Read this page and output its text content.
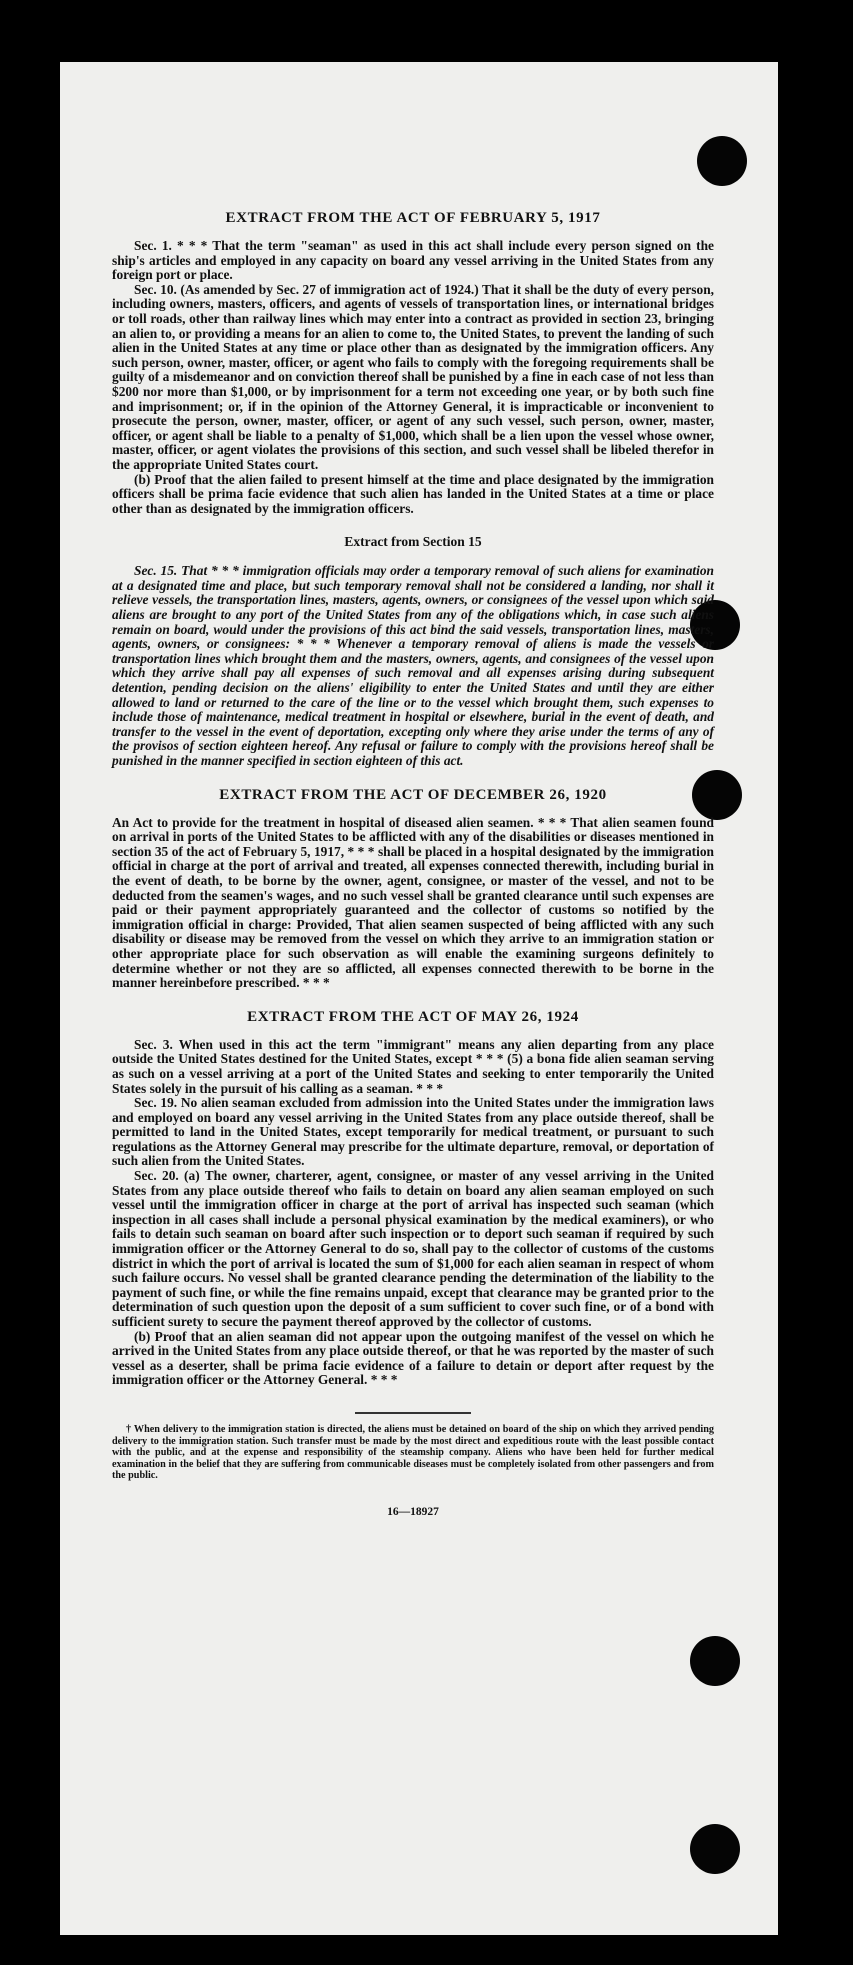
EXTRACT FROM THE ACT OF FEBRUARY 5, 1917

Sec. 1. * * * That the term "seaman" as used in this act shall include every person signed on the ship's articles and employed in any capacity on board any vessel arriving in the United States from any foreign port or place.

Sec. 10. (As amended by Sec. 27 of immigration act of 1924.) That it shall be the duty of every person, including owners, masters, officers, and agents of vessels of transportation lines, or international bridges or toll roads, other than railway lines which may enter into a contract as provided in section 23, bringing an alien to, or providing a means for an alien to come to, the United States, to prevent the landing of such alien in the United States at any time or place other than as designated by the immigration officers. Any such person, owner, master, officer, or agent who fails to comply with the foregoing requirements shall be guilty of a misdemeanor and on conviction thereof shall be punished by a fine in each case of not less than $200 nor more than $1,000, or by imprisonment for a term not exceeding one year, or by both such fine and imprisonment; or, if in the opinion of the Attorney General, it is impracticable or inconvenient to prosecute the person, owner, master, officer, or agent of any such vessel, such person, owner, master, officer, or agent shall be liable to a penalty of $1,000, which shall be a lien upon the vessel whose owner, master, officer, or agent violates the provisions of this section, and such vessel shall be libeled therefor in the appropriate United States court.

(b) Proof that the alien failed to present himself at the time and place designated by the immigration officers shall be prima facie evidence that such alien has landed in the United States at a time or place other than as designated by the immigration officers.

Extract from Section 15

Sec. 15. That * * * immigration officials may order a temporary removal of such aliens for examination at a designated time and place, but such temporary removal shall not be considered a landing, nor shall it relieve vessels, the transportation lines, masters, agents, owners, or consignees of the vessel upon which said aliens are brought to any port of the United States from any of the obligations which, in case such aliens remain on board, would under the provisions of this act bind the said vessels, transportation lines, masters, agents, owners, or consignees: * * * Whenever a temporary removal of aliens is made the vessels or transportation lines which brought them and the masters, owners, agents, and consignees of the vessel upon which they arrive shall pay all expenses of such removal and all expenses arising during subsequent detention, pending decision on the aliens' eligibility to enter the United States and until they are either allowed to land or returned to the care of the line or to the vessel which brought them, such expenses to include those of maintenance, medical treatment in hospital or elsewhere, burial in the event of death, and transfer to the vessel in the event of deportation, excepting only where they arise under the terms of any of the provisos of section eighteen hereof. Any refusal or failure to comply with the provisions hereof shall be punished in the manner specified in section eighteen of this act.

EXTRACT FROM THE ACT OF DECEMBER 26, 1920

An Act to provide for the treatment in hospital of diseased alien seamen. * * * That alien seamen found on arrival in ports of the United States to be afflicted with any of the disabilities or diseases mentioned in section 35 of the act of February 5, 1917, * * * shall be placed in a hospital designated by the immigration official in charge at the port of arrival and treated, all expenses connected therewith, including burial in the event of death, to be borne by the owner, agent, consignee, or master of the vessel, and not to be deducted from the seamen's wages, and no such vessel shall be granted clearance until such expenses are paid or their payment appropriately guaranteed and the collector of customs so notified by the immigration official in charge: Provided, That alien seamen suspected of being afflicted with any such disability or disease may be removed from the vessel on which they arrive to an immigration station or other appropriate place for such observation as will enable the examining surgeons definitely to determine whether or not they are so afflicted, all expenses connected therewith to be borne in the manner hereinbefore prescribed. * * *

EXTRACT FROM THE ACT OF MAY 26, 1924

Sec. 3. When used in this act the term "immigrant" means any alien departing from any place outside the United States destined for the United States, except * * * (5) a bona fide alien seaman serving as such on a vessel arriving at a port of the United States and seeking to enter temporarily the United States solely in the pursuit of his calling as a seaman. * * *

Sec. 19. No alien seaman excluded from admission into the United States under the immigration laws and employed on board any vessel arriving in the United States from any place outside thereof, shall be permitted to land in the United States, except temporarily for medical treatment, or pursuant to such regulations as the Attorney General may prescribe for the ultimate departure, removal, or deportation of such alien from the United States.

Sec. 20. (a) The owner, charterer, agent, consignee, or master of any vessel arriving in the United States from any place outside thereof who fails to detain on board any alien seaman employed on such vessel until the immigration officer in charge at the port of arrival has inspected such seaman (which inspection in all cases shall include a personal physical examination by the medical examiners), or who fails to detain such seaman on board after such inspection or to deport such seaman if required by such immigration officer or the Attorney General to do so, shall pay to the collector of customs of the customs district in which the port of arrival is located the sum of $1,000 for each alien seaman in respect of whom such failure occurs. No vessel shall be granted clearance pending the determination of the liability to the payment of such fine, or while the fine remains unpaid, except that clearance may be granted prior to the determination of such question upon the deposit of a sum sufficient to cover such fine, or of a bond with sufficient surety to secure the payment thereof approved by the collector of customs.

(b) Proof that an alien seaman did not appear upon the outgoing manifest of the vessel on which he arrived in the United States from any place outside thereof, or that he was reported by the master of such vessel as a deserter, shall be prima facie evidence of a failure to detain or deport after request by the immigration officer or the Attorney General. * * *

† When delivery to the immigration station is directed, the aliens must be detained on board of the ship on which they arrived pending delivery to the immigration station. Such transfer must be made by the most direct and expeditious route with the least possible contact with the public, and at the expense and responsibility of the steamship company. Aliens who have been held for further medical examination in the belief that they are suffering from communicable diseases must be completely isolated from other passengers and from the public.
16—18927
